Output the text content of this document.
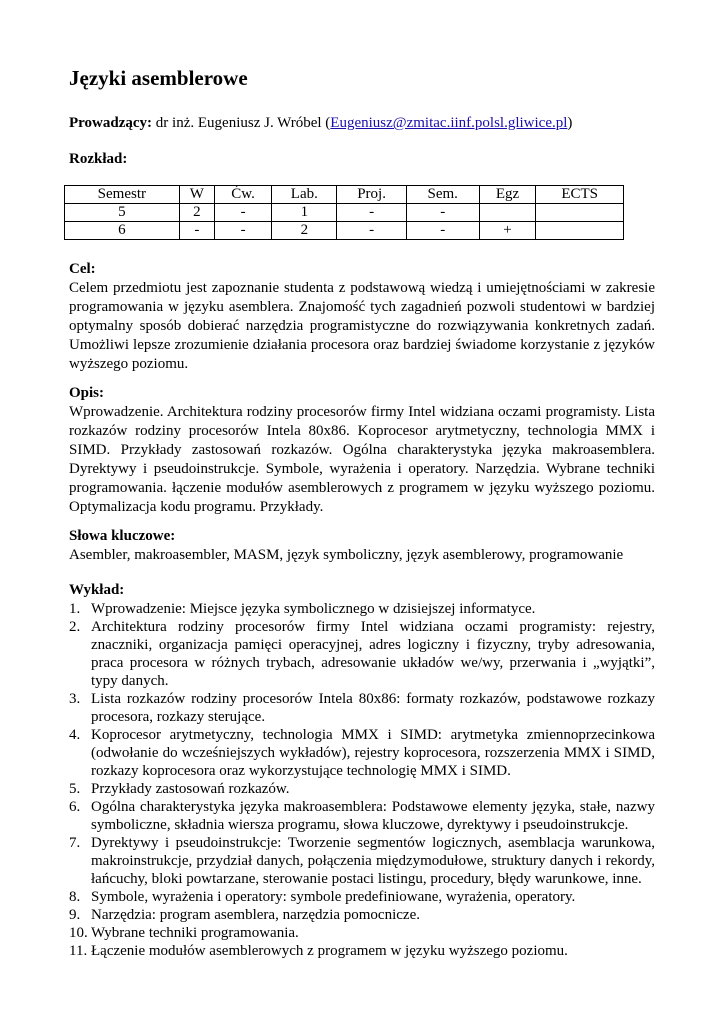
Języki asemblerowe

Prowadzący: dr inż. Eugeniusz J. Wróbel (Eugeniusz@zmitac.iinf.polsl.gliwice.pl)

Rozkład:

Semestr	W	Ćw.	Lab.	Proj.	Sem.	Egz	ECTS
5	2	-	1	-	-		
6	-	-	2	-	-	+	
Cel:
Celem przedmiotu jest zapoznanie studenta z podstawową wiedzą i umiejętnościami w zakresie programowania w języku asemblera. Znajomość tych zagadnień pozwoli studentowi w bardziej optymalny sposób dobierać narzędzia programistyczne do rozwiązywania konkretnych zadań. Umożliwi lepsze zrozumienie działania procesora oraz bardziej świadome korzystanie z języków wyższego poziomu.
Opis:
Wprowadzenie. Architektura rodziny procesorów firmy Intel widziana oczami programisty. Lista rozkazów rodziny procesorów Intela 80x86. Koprocesor arytmetyczny, technologia MMX i SIMD. Przykłady zastosowań rozkazów. Ogólna charakterystyka języka makroasemblera. Dyrektywy i pseudoinstrukcje. Symbole, wyrażenia i operatory. Narzędzia. Wybrane techniki programowania. łączenie modułów asemblerowych z programem w języku wyższego poziomu. Optymalizacja kodu programu. Przykłady.
Słowa kluczowe:
Asembler, makroasembler, MASM, język symboliczny, język asemblerowy, programowanie

Wykład:

Wprowadzenie: Miejsce języka symbolicznego w dzisiejszej informatyce.
Architektura rodziny procesorów firmy Intel widziana oczami programisty: rejestry, znaczniki, organizacja pamięci operacyjnej, adres logiczny i fizyczny, tryby adresowania, praca procesora w różnych trybach, adresowanie układów we/wy, przerwania i „wyjątki”, typy danych.
Lista rozkazów rodziny procesorów Intela 80x86: formaty rozkazów, podstawowe rozkazy procesora, rozkazy sterujące.
Koprocesor arytmetyczny, technologia MMX i SIMD: arytmetyka zmiennoprzecinkowa (odwołanie do wcześniejszych wykładów), rejestry koprocesora, rozszerzenia MMX i SIMD, rozkazy koprocesora oraz wykorzystujące technologię MMX i SIMD.
Przykłady zastosowań rozkazów.
Ogólna charakterystyka języka makroasemblera: Podstawowe elementy języka, stałe, nazwy symboliczne, składnia wiersza programu, słowa kluczowe, dyrektywy i pseudoinstrukcje.
Dyrektywy i pseudoinstrukcje: Tworzenie segmentów logicznych, asemblacja warunkowa, makroinstrukcje, przydział danych, połączenia międzymodułowe, struktury danych i rekordy, łańcuchy, bloki powtarzane, sterowanie postaci listingu, procedury, błędy warunkowe, inne.
Symbole, wyrażenia i operatory: symbole predefiniowane, wyrażenia, operatory.
Narzędzia: program asemblera, narzędzia pomocnicze.
Wybrane techniki programowania.
Łączenie modułów asemblerowych z programem w języku wyższego poziomu.
